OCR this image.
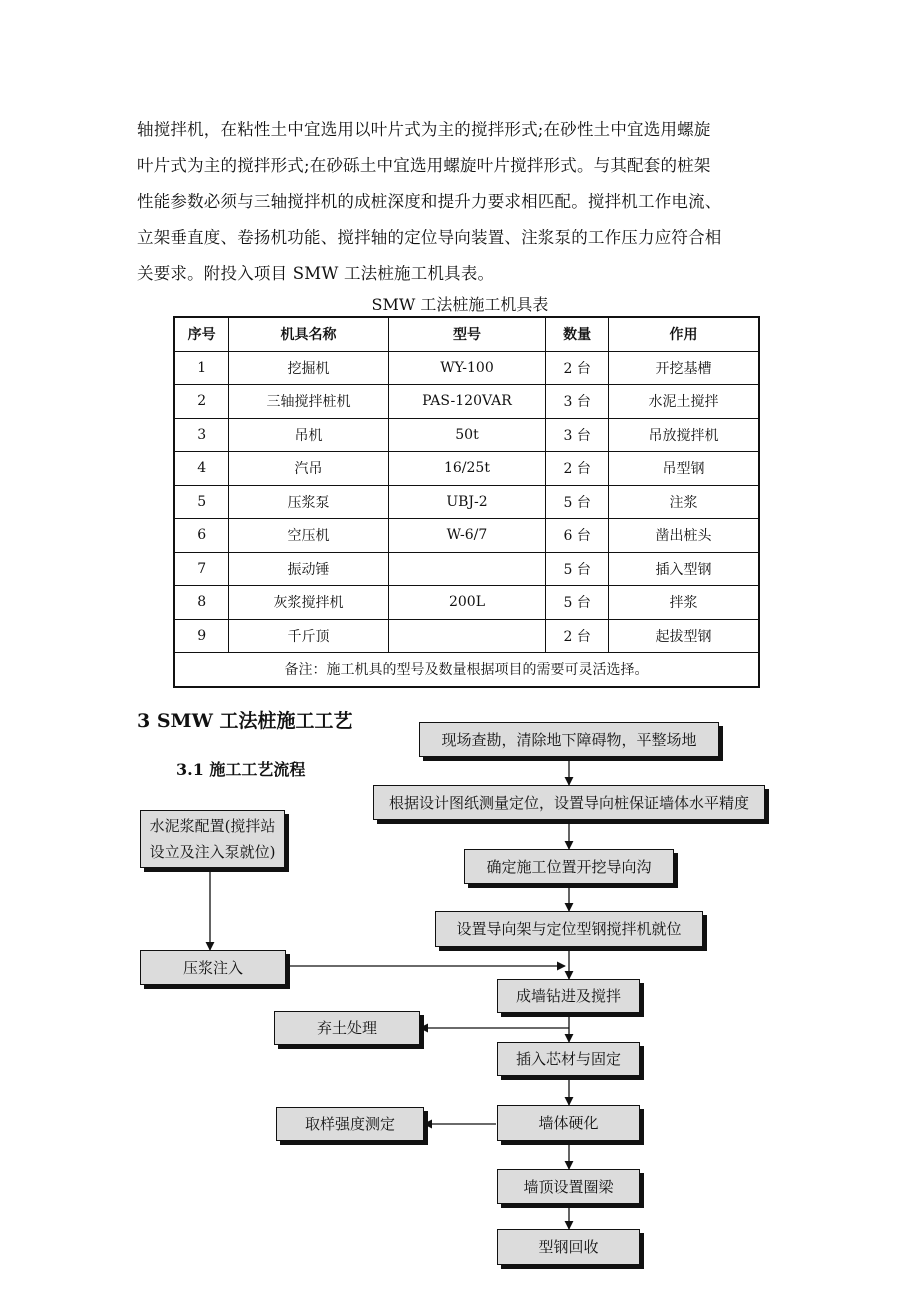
轴搅拌机，在粘性土中宜选用以叶片式为主的搅拌形式;在砂性土中宜选用螺旋
叶片式为主的搅拌形式;在砂砾土中宜选用螺旋叶片搅拌形式。与其配套的桩架
性能参数必须与三轴搅拌机的成桩深度和提升力要求相匹配。搅拌机工作电流、
立架垂直度、卷扬机功能、搅拌轴的定位导向装置、注浆泵的工作压力应符合相
关要求。附投入项目 SMW 工法桩施工机具表。
SMW 工法桩施工机具表
序号	机具名称	型号	数量	作用
1	挖掘机	WY-100	2 台	开挖基槽
2	三轴搅拌桩机	PAS-120VAR	3 台	水泥土搅拌
3	吊机	50t	3 台	吊放搅拌机
4	汽吊	16/25t	2 台	吊型钢
5	压浆泵	UBJ-2	5 台	注浆
6	空压机	W-6/7	6 台	凿出桩头
7	振动锤		5 台	插入型钢
8	灰浆搅拌机	200L	5 台	拌浆
9	千斤顶		2 台	起拔型钢
备注：施工机具的型号及数量根据项目的需要可灵活选择。				
3 SMW 工法桩施工工艺
3.1 施工工艺流程
现场查勘，清除地下障碍物，平整场地
根据设计图纸测量定位，设置导向桩保证墙体水平精度
确定施工位置开挖导向沟
设置导向架与定位型钢搅拌机就位
成墙钻进及搅拌
插入芯材与固定
墙体硬化
墙顶设置圈梁
型钢回收
水泥浆配置(搅拌站
设立及注入泵就位)
压浆注入
弃土处理
取样强度测定
